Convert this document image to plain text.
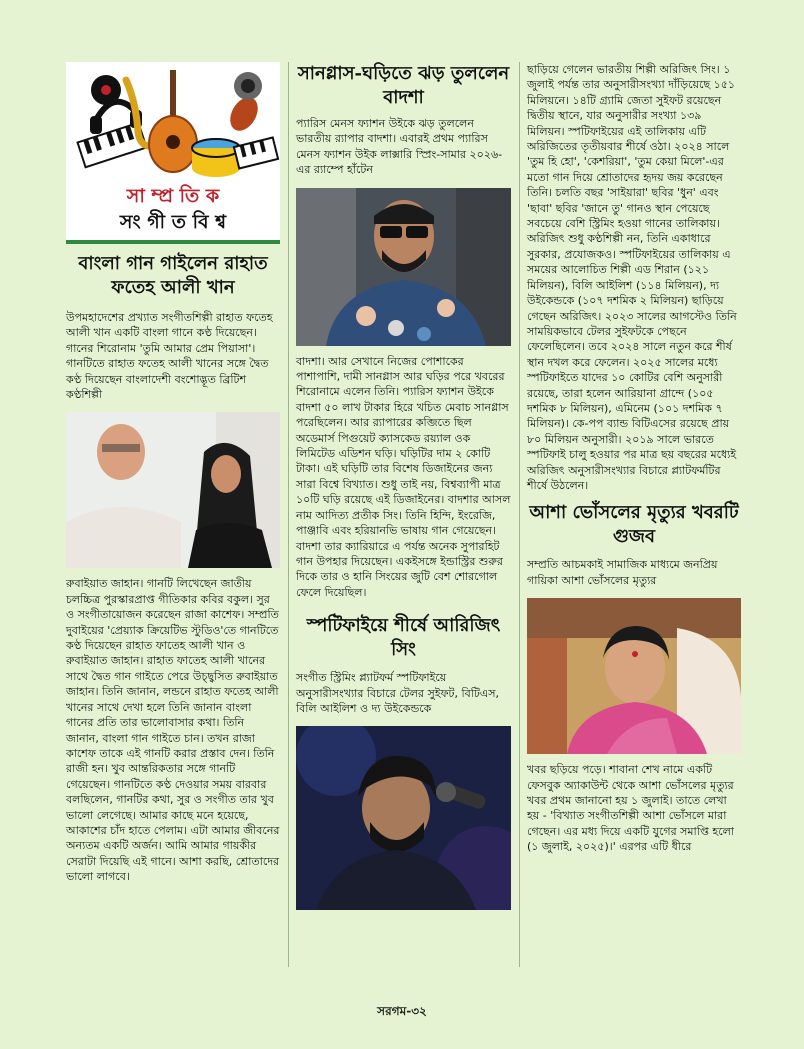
সা ম্প্র তি ক
সং গী ত বি শ্ব
বাংলা গান গাইলেন রাহাত ফতেহ আলী খান

উপমহাদেশের প্রখ্যাত সংগীতশিল্পী রাহাত ফতেহ আলী খান একটি বাংলা গানে কণ্ঠ দিয়েছেন। গানের শিরোনাম 'তুমি আমার প্রেম পিয়াসা'। গানটিতে রাহাত ফতেহ আলী খানের সঙ্গে দ্বৈত কণ্ঠ দিয়েছেন বাংলাদেশী বংশোদ্ভূত ব্রিটিশ কণ্ঠশিল্পী

রুবাইয়াত জাহান। গানটি লিখেছেন জাতীয় চলচ্চিত্র পুরস্কারপ্রাপ্ত গীতিকার কবির বকুল। সুর ও সংগীতায়োজন করেছেন রাজা কাশেফ। সম্প্রতি দুবাইয়ের 'প্রেয়্যাক ক্রিয়েটিভ স্টুডিও'তে গানটিতে কণ্ঠ দিয়েছেন রাহাত ফাতেহ আলী খান ও রুবাইয়াত জাহান। রাহাত ফাতেহ আলী খানের সাথে দ্বৈত গান গাইতে পেরে উচ্ছ্বসিত রুবাইয়াত জাহান। তিনি জানান, লন্ডনে রাহাত ফতেহ আলী খানের সাথে দেখা হলে তিনি জানান বাংলা গানের প্রতি তার ভালোবাসার কথা। তিনি জানান, বাংলা গান গাইতে চান। তখন রাজা কাশেফ তাকে এই গানটি করার প্রস্তাব দেন। তিনি রাজী হন। খুব আন্তরিকতার সঙ্গে গানটি গেয়েছেন। গানটিতে কণ্ঠ দেওয়ার সময় বারবার বলছিলেন, গানটির কথা, সুর ও সংগীত তার খুব ভালো লেগেছে। আমার কাছে মনে হয়েছে, আকাশের চাঁদ হাতে পেলাম। এটা আমার জীবনের অন্যতম একটি অর্জন। আমি আমার গায়কীর সেরাটা দিয়েছি এই গানে। আশা করছি, শ্রোতাদের ভালো লাগবে।

সানগ্লাস-ঘড়িতে ঝড় তুললেন বাদশা

প্যারিস মেনস ফ্যাশন উইকে ঝড় তুললেন ভারতীয় র‍্যাপার বাদশা। এবারই প্রথম প্যারিস মেনস ফ্যাশন উইক লাক্সারি স্প্রিং-সামার ২০২৬-এর র‍্যাম্পে হাঁটেন

বাদশা। আর সেখানে নিজের পোশাকের পাশাপাশি, দামী সানগ্লাস আর ঘড়ির পরে খবরের শিরোনামে এলেন তিনি। প্যারিস ফ্যাশন উইকে বাদশা ৫০ লাখ টাকার হিরে খচিত মেবাচ সানগ্লাস পরেছিলেন। আর র‍্যাপারের কব্জিতে ছিল অডেমার্স পিগুয়েট ক্যাসকেড রয়্যাল ওক লিমিটেড এডিশন ঘড়ি। ঘড়িটির দাম ২ কোটি টাকা। এই ঘড়িটি তার বিশেষ ডিজাইনের জন্য সারা বিশ্বে বিখ্যাত। শুধু তাই নয়, বিশ্বব্যাপী মাত্র ১০টি ঘড়ি রয়েছে এই ডিজাইনের। বাদশার আসল নাম আদিত্য প্রতীক সিং। তিনি হিন্দি, ইংরেজি, পাঞ্জাবি এবং হরিয়ানভি ভাষায় গান গেয়েছেন। বাদশা তার ক্যারিয়ারে এ পর্যন্ত অনেক সুপারহিট গান উপহার দিয়েছেন। একইসঙ্গে ইন্ডাস্ট্রির শুরুর দিকে তার ও হানি সিংয়ের জুটি বেশ শোরগোল ফেলে দিয়েছিল।

স্পটিফাইয়ে শীর্ষে আরিজিৎ সিং

সংগীত স্ট্রিমিং প্ল্যাটফর্ম স্পটিফাইয়ে অনুসারীসংখ্যার বিচারে টেলর সুইফট, বিটিএস, বিলি আইলিশ ও দ্য উইকেন্ডকে

ছাড়িয়ে গেলেন ভারতীয় শিল্পী অরিজিৎ সিং। ১ জুলাই পর্যন্ত তার অনুসারীসংখ্যা দাঁড়িয়েছে ১৫১ মিলিয়নে। ১৪টি গ্র্যামি জেতা সুইফট রয়েছেন দ্বিতীয় স্থানে, যার অনুসারীর সংখ্যা ১৩৯ মিলিয়ন। স্পটিফাইয়ের এই তালিকায় এটি অরিজিতের তৃতীয়বার শীর্ষে ওঠা। ২০২৪ সালে 'তুম হি হো', 'কেশরিয়া', 'তুম কেয়া মিলে'-এর মতো গান দিয়ে শ্রোতাদের হৃদয় জয় করেছেন তিনি। চলতি বছর 'সাইয়ারা' ছবির 'ধুন' এবং 'ছাবা' ছবির 'জানে তু' গানও স্থান পেয়েছে সবচেয়ে বেশি স্ট্রিমিং হওয়া গানের তালিকায়। অরিজিৎ শুধু কণ্ঠশিল্পী নন, তিনি একাধারে সুরকার, প্রযোজকও। স্পটিফাইয়ের তালিকায় এ সময়ের আলোচিত শিল্পী এড শিরান (১২১ মিলিয়ন), বিলি আইলিশ (১১৪ মিলিয়ন), দ্য উইকেন্ডকে (১০৭ দশমিক ২ মিলিয়ন) ছাড়িয়ে গেছেন অরিজিৎ। ২০২৩ সালের আগস্টেও তিনি সাময়িকভাবে টেলর সুইফটকে পেছনে ফেলেছিলেন। তবে ২০২৪ সালে নতুন করে শীর্ষ স্থান দখল করে ফেলেন। ২০২৫ সালের মধ্যে স্পটিফাইতে যাদের ১০ কোটির বেশি অনুসারী রয়েছে, তারা হলেন আরিয়ানা গ্রান্দে (১০৫ দশমিক ৮ মিলিয়ন), এমিনেম (১০১ দশমিক ৭ মিলিয়ন)। কে-পপ ব্যান্ড বিটিএসের রয়েছে প্রায় ৮০ মিলিয়ন অনুসারী। ২০১৯ সালে ভারতে স্পটিফাই চালু হওয়ার পর মাত্র ছয় বছরের মধ্যেই অরিজিৎ অনুসারীসংখ্যার বিচারে প্ল্যাটফর্মটির শীর্ষে উঠলেন।

আশা ভোঁসলের মৃত্যুর খবরটি গুজব

সম্প্রতি আচমকাই সামাজিক মাধ্যমে জনপ্রিয় গায়িকা আশা ভোঁসলের মৃত্যুর

খবর ছড়িয়ে পড়ে। শাবানা শেখ নামে একটি ফেসবুক অ্যাকাউন্ট থেকে আশা ভোঁসলের মৃত্যুর খবর প্রথম জানানো হয় ১ জুলাই। তাতে লেখা হয় - 'বিখ্যাত সংগীতশিল্পী আশা ভোঁসলে মারা গেছেন। এর মধ্য দিয়ে একটি যুগের সমাপ্তি হলো (১ জুলাই, ২০২৫)।' এরপর এটি ধীরে

সরগম-৩২
